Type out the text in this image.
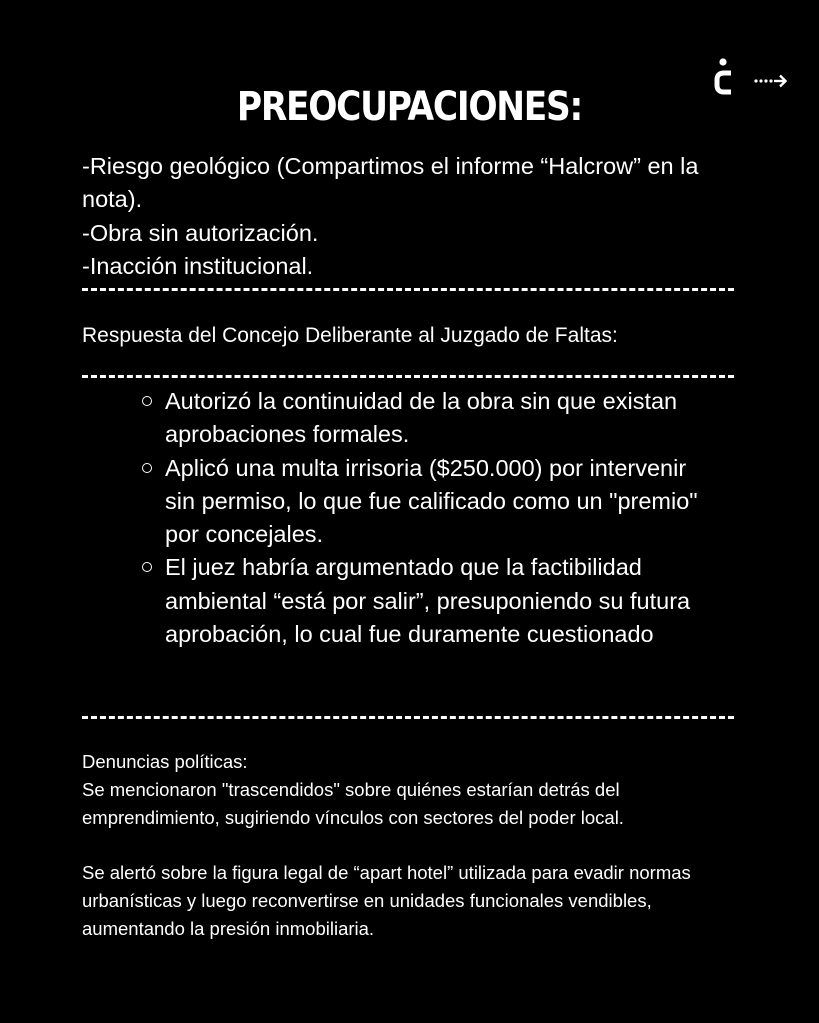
PREOCUPACIONES:
-Riesgo geológico (Compartimos el informe “Halcrow” en la nota).
-Obra sin autorización.
-Inacción institucional.

Respuesta del Concejo Deliberante al Juzgado de Faltas:

Autorizó la continuidad de la obra sin que existan aprobaciones formales.
Aplicó una multa irrisoria ($250.000) por intervenir sin permiso, lo que fue calificado como un "premio" por concejales.
El juez habría argumentado que la factibilidad ambiental “está por salir”, presuponiendo su futura aprobación, lo cual fue duramente cuestionado

Denuncias políticas:

Se mencionaron "trascendidos" sobre quiénes estarían detrás del emprendimiento, sugiriendo vínculos con sectores del poder local.

Se alertó sobre la figura legal de “apart hotel” utilizada para evadir normas urbanísticas y luego reconvertirse en unidades funcionales vendibles, aumentando la presión inmobiliaria.
